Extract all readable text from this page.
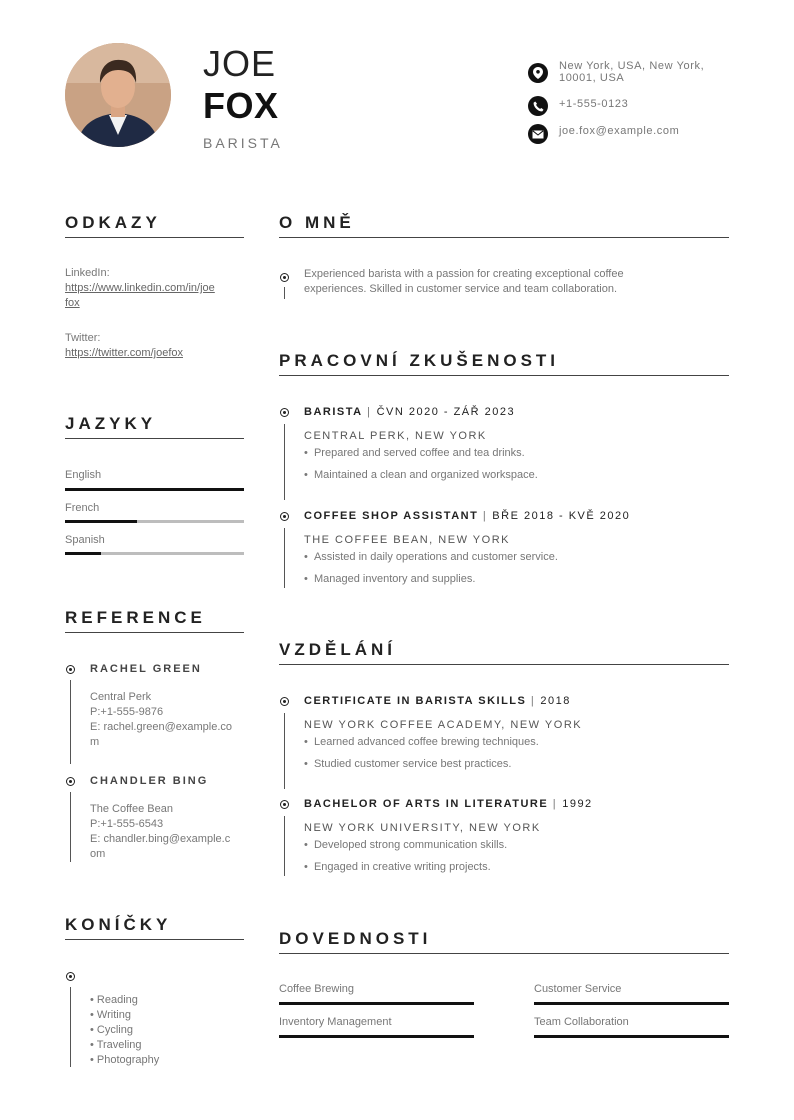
JOE
FOX
BARISTA
New York, USA, New York,
10001, USA
+1-555-0123
joe.fox@example.com
ODKAZY
LinkedIn:
https://www.linkedin.com/in/joe
fox
Twitter:
https://twitter.com/joefox
JAZYKY
English
French
Spanish
REFERENCE
RACHEL GREEN
Central Perk
P:+1-555-9876
E: rachel.green@example.co
m
CHANDLER BING
The Coffee Bean
P:+1-555-6543
E: chandler.bing@example.c
om
KONÍČKY
• Reading
• Writing
• Cycling
• Traveling
• Photography
O MNĚ
Experienced barista with a passion for creating exceptional coffee
experiences. Skilled in customer service and team collaboration.
PRACOVNÍ ZKUŠENOSTI
BARISTA | ČVN 2020 - ZÁŘ 2023
CENTRAL PERK, NEW YORK
•  Prepared and served coffee and tea drinks.
•  Maintained a clean and organized workspace.
COFFEE SHOP ASSISTANT | BŘE 2018 - KVĚ 2020
THE COFFEE BEAN, NEW YORK
•  Assisted in daily operations and customer service.
•  Managed inventory and supplies.
VZDĚLÁNÍ
CERTIFICATE IN BARISTA SKILLS | 2018
NEW YORK COFFEE ACADEMY, NEW YORK
•  Learned advanced coffee brewing techniques.
•  Studied customer service best practices.
BACHELOR OF ARTS IN LITERATURE | 1992
NEW YORK UNIVERSITY, NEW YORK
•  Developed strong communication skills.
•  Engaged in creative writing projects.
DOVEDNOSTI
Coffee Brewing	Customer Service
Inventory Management	Team Collaboration
